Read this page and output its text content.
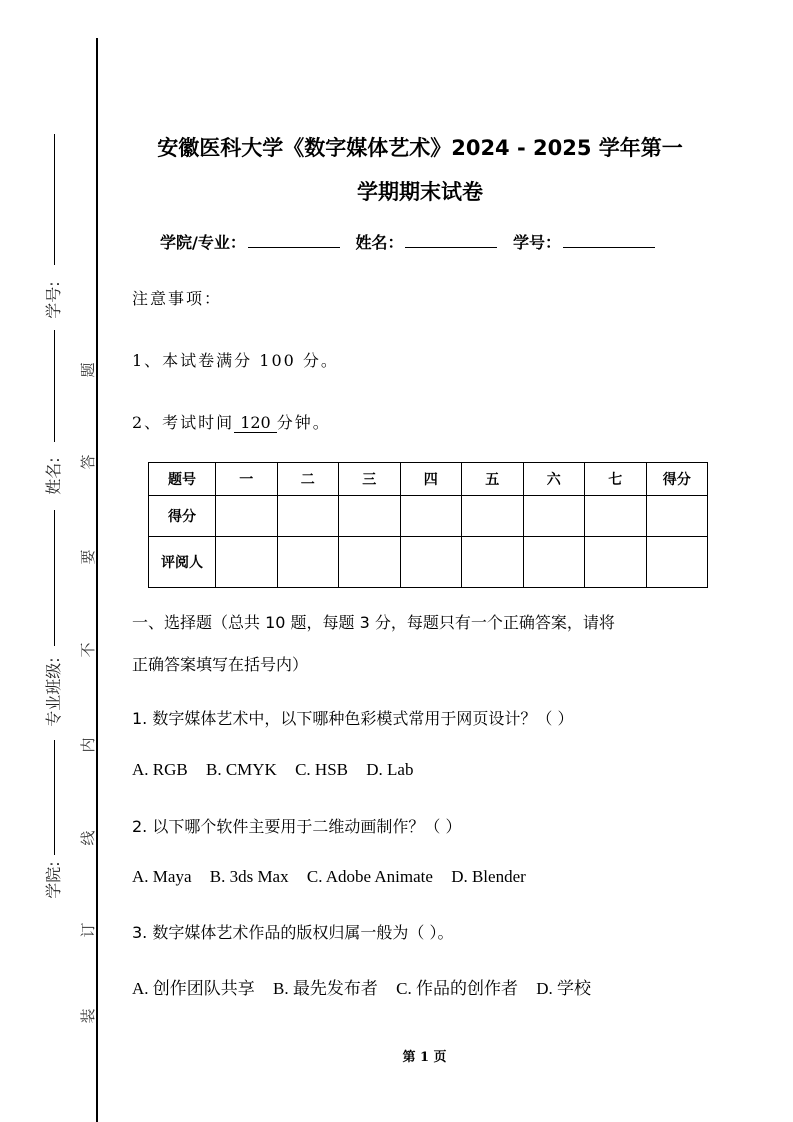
学号:
姓名:
专业班级:
学院:
题
答
要
不
内
线
订
装
安徽医科大学《数字媒体艺术》2024 - 2025 学年第一
学期期末试卷
学院/专业：	姓名：	学号：
注意事项：
1、本试卷满分 100 分。
2、考试时间 120 分钟。
题号	一	二	三	四	五	六	七	得分
得分								
评阅人								
一、选择题（总共 10 题，每题 3 分，每题只有一个正确答案，请将
正确答案填写在括号内）
1. 数字媒体艺术中，以下哪种色彩模式常用于网页设计？（ ）
A. RGB B. CMYK C. HSB D. Lab
2. 以下哪个软件主要用于二维动画制作？（ ）
A. Maya B. 3ds Max C. Adobe Animate D. Blender
3. 数字媒体艺术作品的版权归属一般为（ ）。
A. 创作团队共享 B. 最先发布者 C. 作品的创作者 D. 学校
第 1 页
